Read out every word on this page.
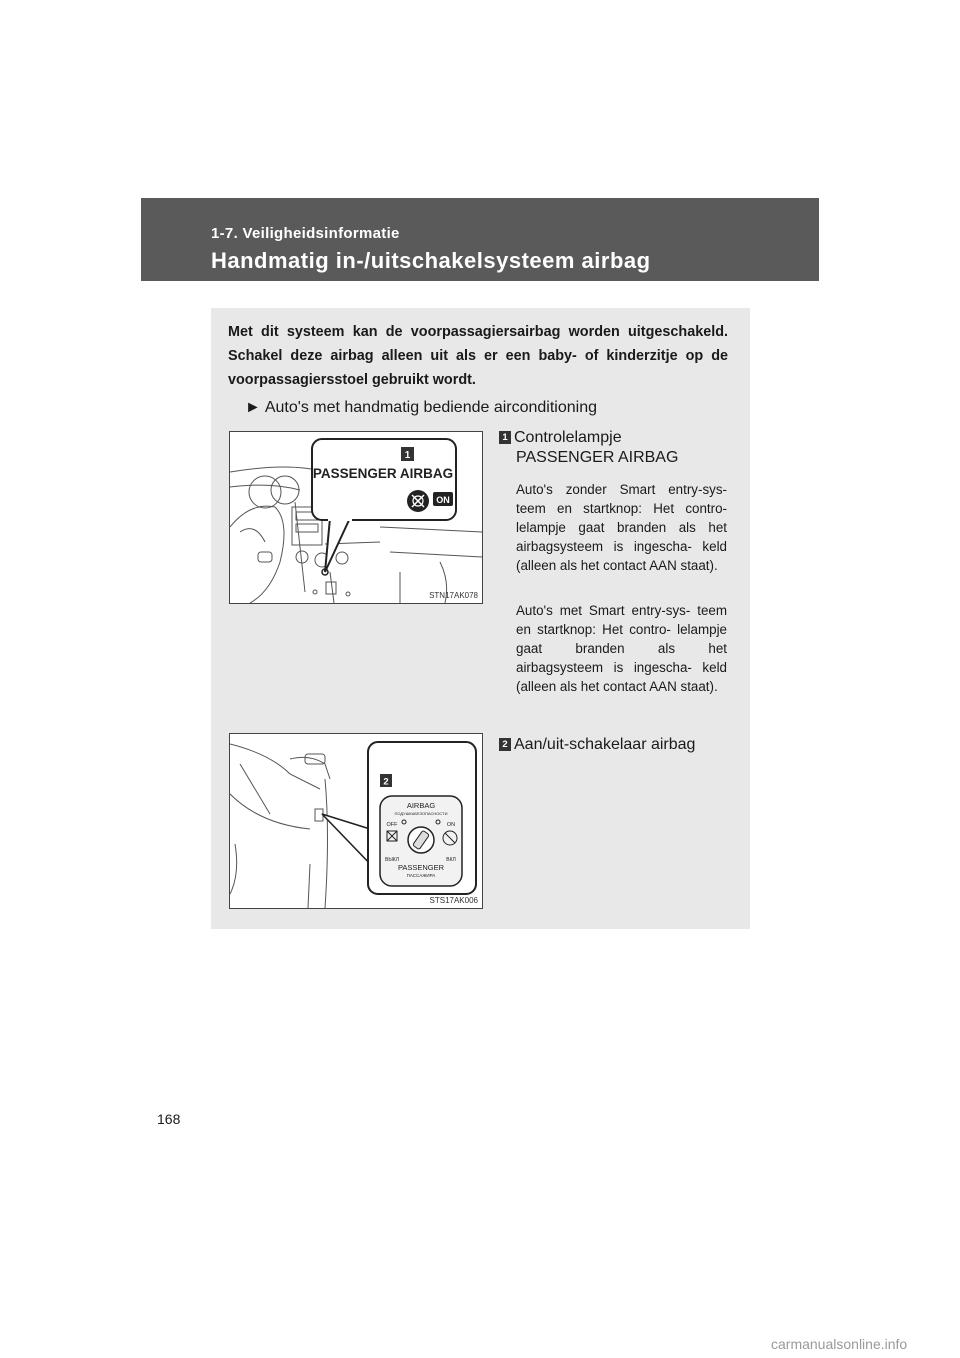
1-7. Veiligheidsinformatie
Handmatig in-/uitschakelsysteem airbag
Met dit systeem kan de voorpassagiersairbag worden uitgeschakeld. Schakel deze airbag alleen uit als er een baby- of kinderzitje op de voorpassagiersstoel gebruikt wordt.
► Auto's met handmatig bediende airconditioning
1
PASSENGER AIRBAG
ON
STN17AK078
1 Controlelampje
PASSENGER AIRBAG
Auto's zonder Smart entry-sys- teem en startknop: Het contro- lelampje gaat branden als het airbagsysteem is ingescha- keld (alleen als het contact AAN staat).
Auto's met Smart entry-sys- teem en startknop: Het contro- lelampje gaat branden als het airbagsysteem is ingescha- keld (alleen als het contact AAN staat).
2
AIRBAG
ПОДУШКАБЕЗОПАСНОСТИ
OFF	ON
ВЫКЛ	ВКЛ
PASSENGER
ПАССАЖИРА
STS17AK006
2 Aan/uit-schakelaar airbag
168
carmanualsonline.info
